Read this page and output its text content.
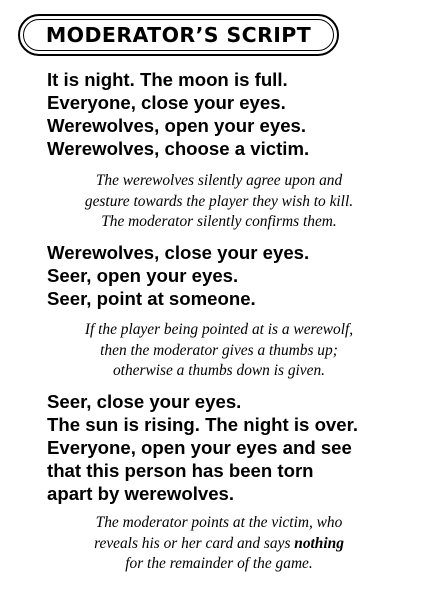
MODERATOR’S SCRIPT
It is night. The moon is full.
Everyone, close your eyes.
Werewolves, open your eyes.
Werewolves, choose a victim.
The werewolves silently agree upon and
gesture towards the player they wish to kill.
The moderator silently confirms them.
Werewolves, close your eyes.
Seer, open your eyes.
Seer, point at someone.
If the player being pointed at is a werewolf,
then the moderator gives a thumbs up;
otherwise a thumbs down is given.
Seer, close your eyes.
The sun is rising. The night is over.
Everyone, open your eyes and see
that this person has been torn
apart by werewolves.
The moderator points at the victim, who
reveals his or her card and says nothing
for the remainder of the game.
